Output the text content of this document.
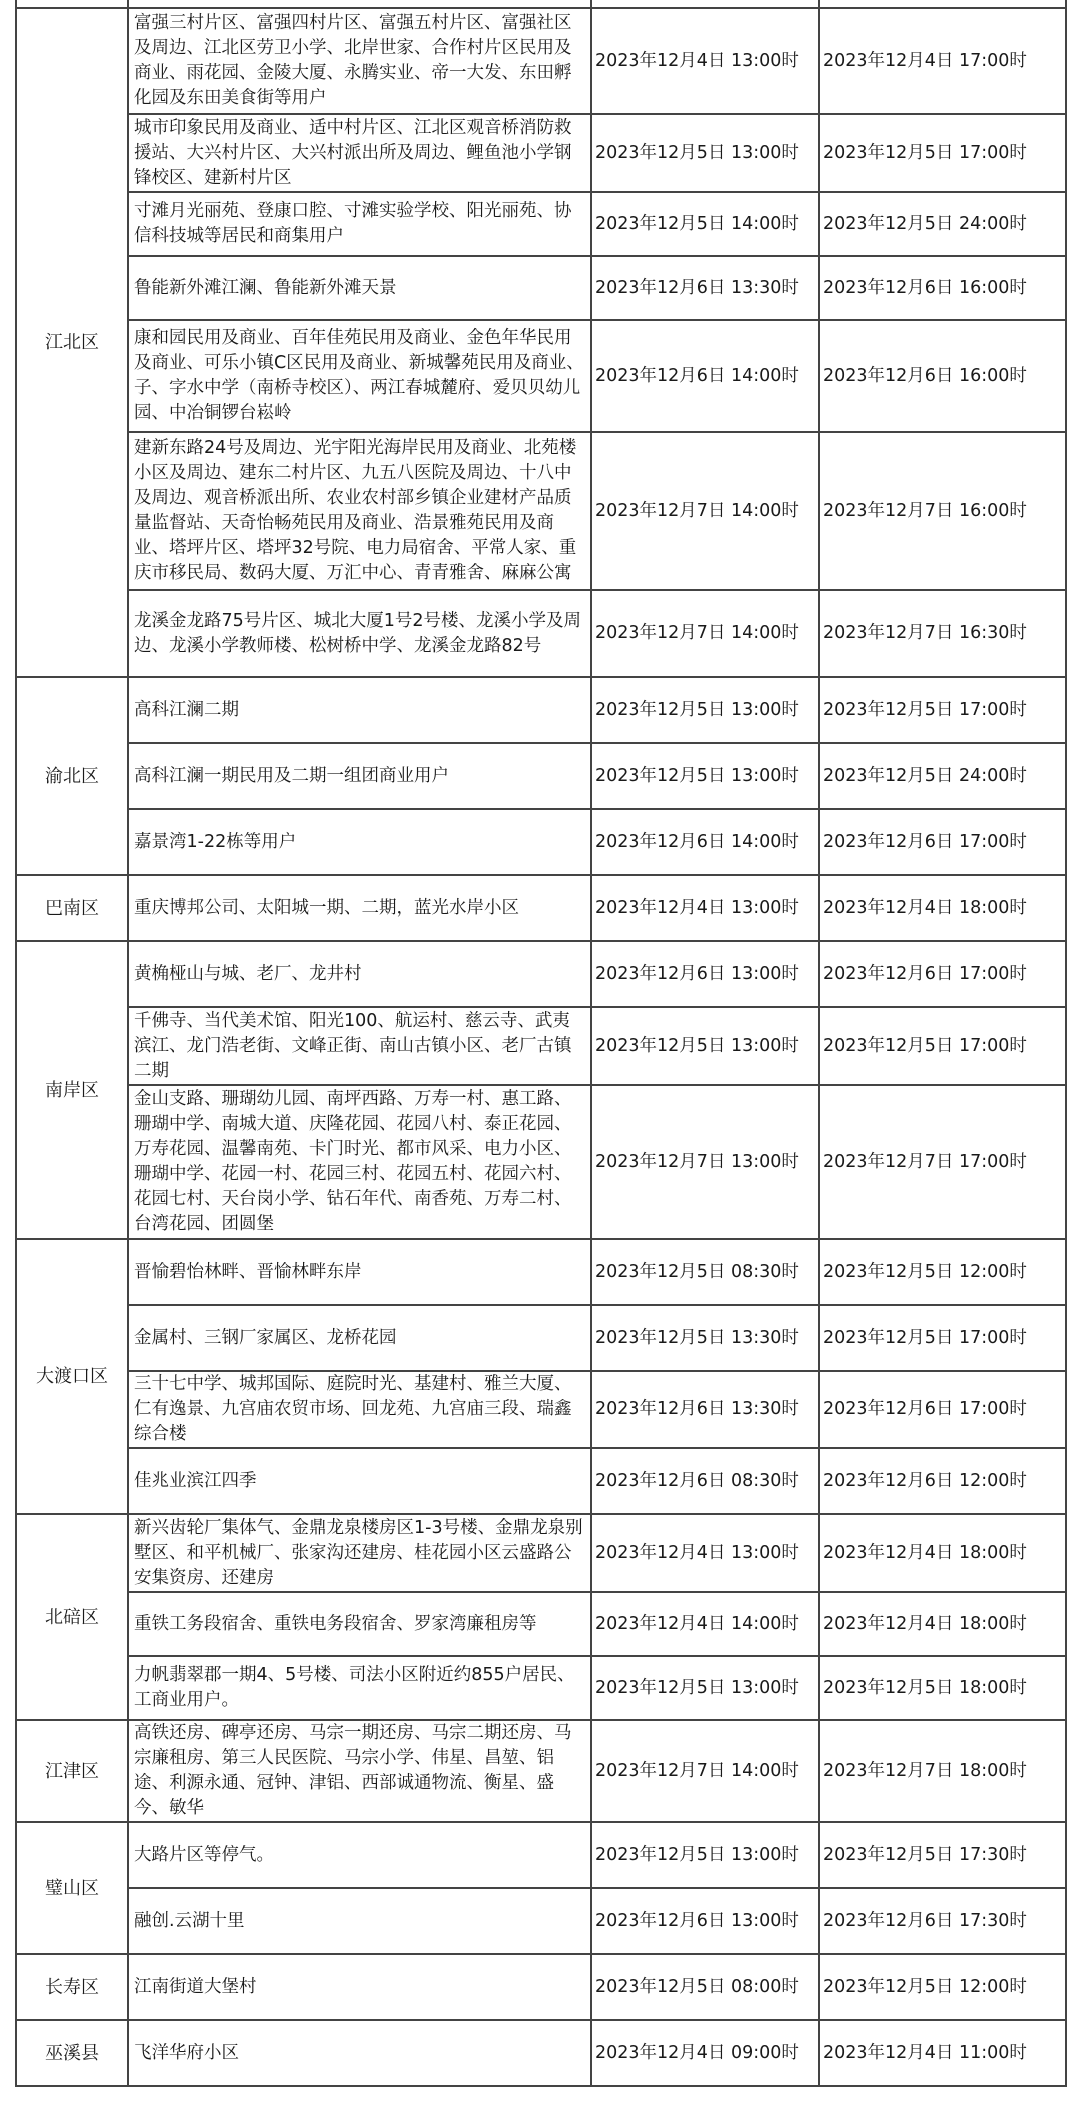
江北区	富强三村片区、富强四村片区、富强五村片区、富强社区及周边、江北区劳卫小学、北岸世家、合作村片区民用及商业、雨花园、金陵大厦、永腾实业、帝一大发、东田孵化园及东田美食街等用户	2023年12月4日 13:00时	2023年12月4日 17:00时
	城市印象民用及商业、适中村片区、江北区观音桥消防救援站、大兴村片区、大兴村派出所及周边、鲤鱼池小学钢锋校区、建新村片区	2023年12月5日 13:00时	2023年12月5日 17:00时
	寸滩月光丽苑、登康口腔、寸滩实验学校、阳光丽苑、协信科技城等居民和商集用户	2023年12月5日 14:00时	2023年12月5日 24:00时
	鲁能新外滩江澜、鲁能新外滩天景	2023年12月6日 13:30时	2023年12月6日 16:00时
	康和园民用及商业、百年佳苑民用及商业、金色年华民用及商业、可乐小镇C区民用及商业、新城馨苑民用及商业、子、字水中学（南桥寺校区）、两江春城麓府、爱贝贝幼儿园、中冶铜锣台崧岭	2023年12月6日 14:00时	2023年12月6日 16:00时
	建新东路24号及周边、光宇阳光海岸民用及商业、北苑楼小区及周边、建东二村片区、九五八医院及周边、十八中及周边、观音桥派出所、农业农村部乡镇企业建材产品质量监督站、天奇怡畅苑民用及商业、浩景雅苑民用及商业、塔坪片区、塔坪32号院、电力局宿舍、平常人家、重庆市移民局、数码大厦、万汇中心、青青雅舍、麻麻公寓	2023年12月7日 14:00时	2023年12月7日 16:00时
	龙溪金龙路75号片区、城北大厦1号2号楼、龙溪小学及周边、龙溪小学教师楼、松树桥中学、龙溪金龙路82号	2023年12月7日 14:00时	2023年12月7日 16:30时
渝北区	高科江澜二期	2023年12月5日 13:00时	2023年12月5日 17:00时
	高科江澜一期民用及二期一组团商业用户	2023年12月5日 13:00时	2023年12月5日 24:00时
	嘉景湾1-22栋等用户	2023年12月6日 14:00时	2023年12月6日 17:00时
巴南区	重庆博邦公司、太阳城一期、二期，蓝光水岸小区	2023年12月4日 13:00时	2023年12月4日 18:00时
南岸区	黄桷桠山与城、老厂、龙井村	2023年12月6日 13:00时	2023年12月6日 17:00时
	千佛寺、当代美术馆、阳光100、航运村、慈云寺、武夷滨江、龙门浩老街、文峰正街、南山古镇小区、老厂古镇二期	2023年12月5日 13:00时	2023年12月5日 17:00时
	金山支路、珊瑚幼儿园、南坪西路、万寿一村、惠工路、珊瑚中学、南城大道、庆隆花园、花园八村、泰正花园、万寿花园、温馨南苑、卡门时光、都市风采、电力小区、珊瑚中学、花园一村、花园三村、花园五村、花园六村、花园七村、天台岗小学、钻石年代、南香苑、万寿二村、台湾花园、团圆堡	2023年12月7日 13:00时	2023年12月7日 17:00时
大渡口区	晋愉碧怡林畔、晋愉林畔东岸	2023年12月5日 08:30时	2023年12月5日 12:00时
	金属村、三钢厂家属区、龙桥花园	2023年12月5日 13:30时	2023年12月5日 17:00时
	三十七中学、城邦国际、庭院时光、基建村、雅兰大厦、仁有逸景、九宫庙农贸市场、回龙苑、九宫庙三段、瑞鑫综合楼	2023年12月6日 13:30时	2023年12月6日 17:00时
	佳兆业滨江四季	2023年12月6日 08:30时	2023年12月6日 12:00时
北碚区	新兴齿轮厂集体气、金鼎龙泉楼房区1-3号楼、金鼎龙泉别墅区、和平机械厂、张家沟还建房、桂花园小区云盛路公安集资房、还建房	2023年12月4日 13:00时	2023年12月4日 18:00时
	重铁工务段宿舍、重铁电务段宿舍、罗家湾廉租房等	2023年12月4日 14:00时	2023年12月4日 18:00时
	力帆翡翠郡一期4、5号楼、司法小区附近约855户居民、工商业用户。	2023年12月5日 13:00时	2023年12月5日 18:00时
江津区	高铁还房、碑亭还房、马宗一期还房、马宗二期还房、马宗廉租房、第三人民医院、马宗小学、伟星、昌堃、铝途、利源永通、冠钟、津铝、西部诚通物流、衡星、盛今、敏华	2023年12月7日 14:00时	2023年12月7日 18:00时
璧山区	大路片区等停气。	2023年12月5日 13:00时	2023年12月5日 17:30时
	融创.云湖十里	2023年12月6日 13:00时	2023年12月6日 17:30时
长寿区	江南街道大堡村	2023年12月5日 08:00时	2023年12月5日 12:00时
巫溪县	飞洋华府小区	2023年12月4日 09:00时	2023年12月4日 11:00时
